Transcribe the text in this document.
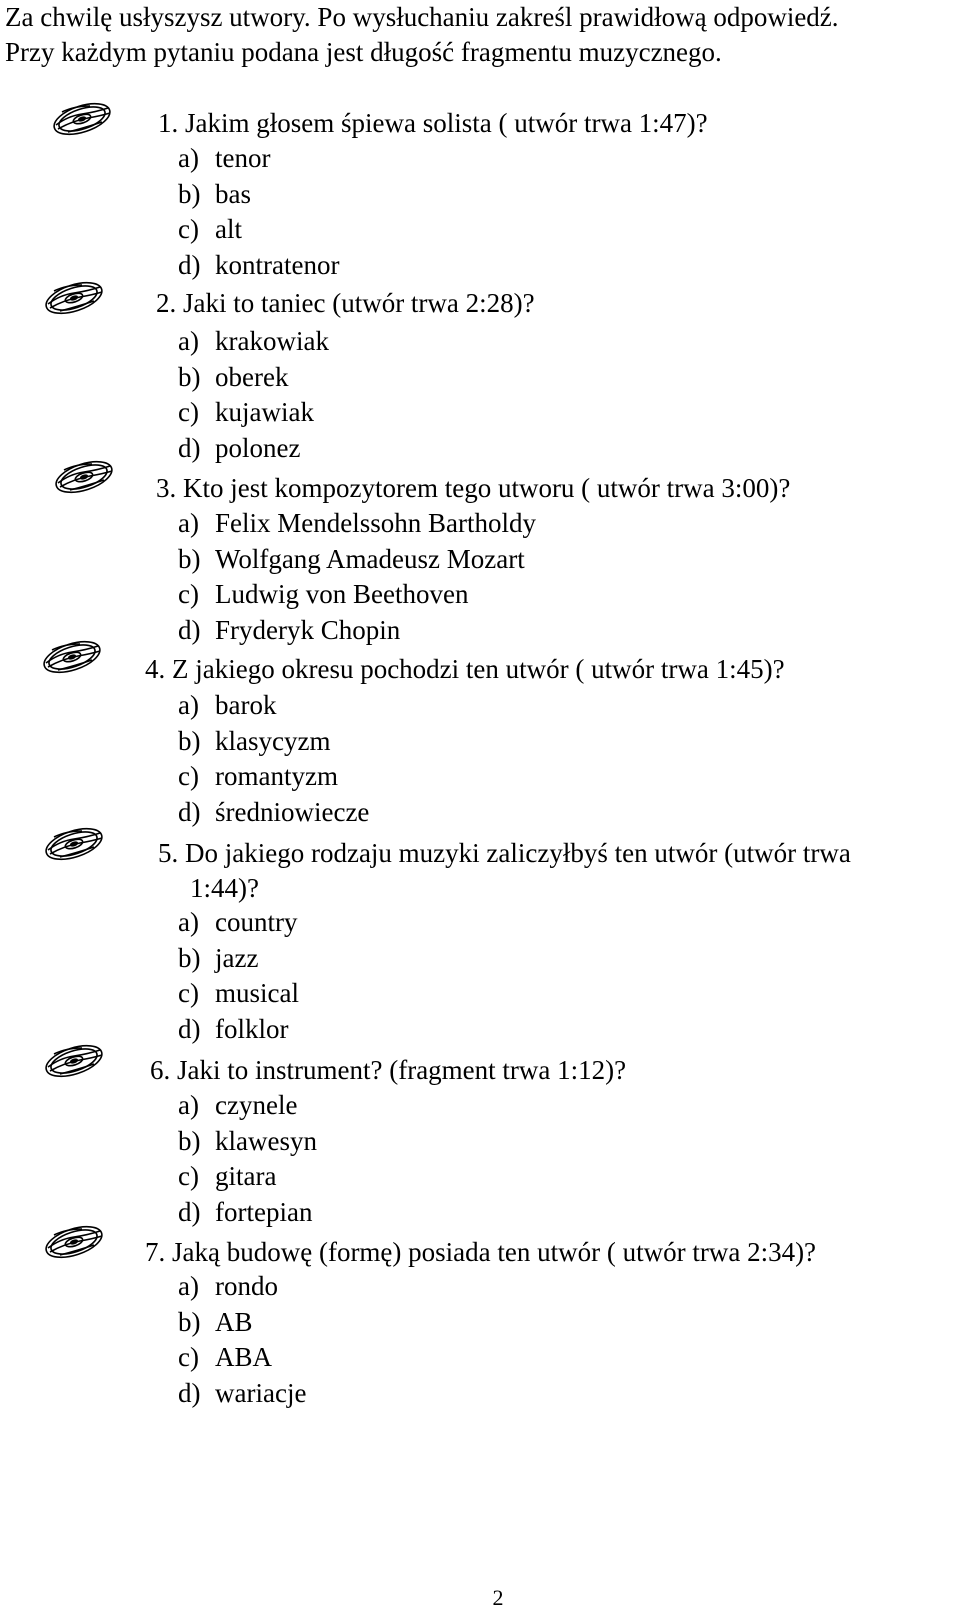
Za chwilę usłyszysz utwory. Po wysłuchaniu zakreśl prawidłową odpowiedź.

Przy każdym pytaniu podana jest długość fragmentu muzycznego.

1. Jakim głosem śpiewa solista ( utwór trwa 1:47)?
a) tenor
b) bas
c) alt
d) kontratenor
2. Jaki to taniec (utwór trwa 2:28)?
a) krakowiak
b) oberek
c) kujawiak
d) polonez
3. Kto jest kompozytorem tego utworu ( utwór trwa 3:00)?
a) Felix Mendelssohn Bartholdy
b) Wolfgang Amadeusz Mozart
c) Ludwig von Beethoven
d) Fryderyk Chopin
4. Z jakiego okresu pochodzi ten utwór ( utwór trwa 1:45)?
a) barok
b) klasycyzm
c) romantyzm
d) średniowiecze
5. Do jakiego rodzaju muzyki zaliczyłbyś ten utwór (utwór trwa
1:44)?
a) country
b) jazz
c) musical
d) folklor
6. Jaki to instrument? (fragment trwa 1:12)?
a) czynele
b) klawesyn
c) gitara
d) fortepian
7. Jaką budowę (formę) posiada ten utwór ( utwór trwa 2:34)?
a) rondo
b) AB
c) ABA
d) wariacje
2
